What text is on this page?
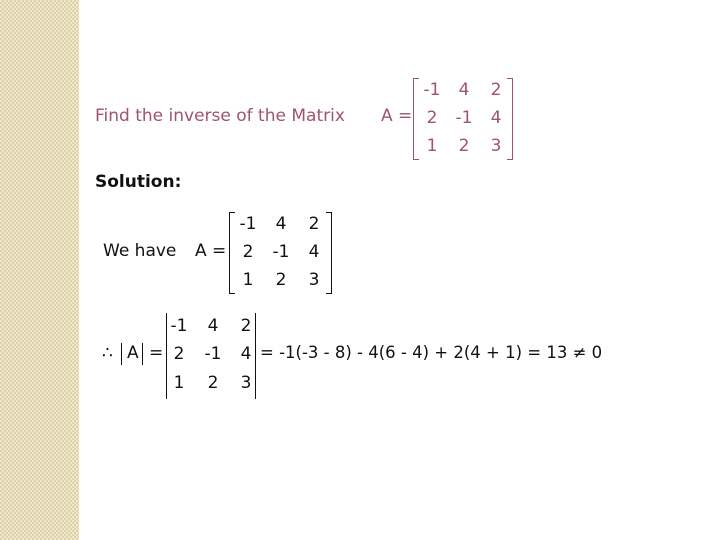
Find the inverse of the Matrix A =
-1	4	2
2	-1	4
1	2	3
Solution:
We have A =
-1	4	2
2	-1	4
1	2	3
∴ A =
-1	4	2
2	-1	4
1	2	3
= -1(-3 - 8) - 4(6 - 4) + 2(4 + 1) = 13 ≠ 0
